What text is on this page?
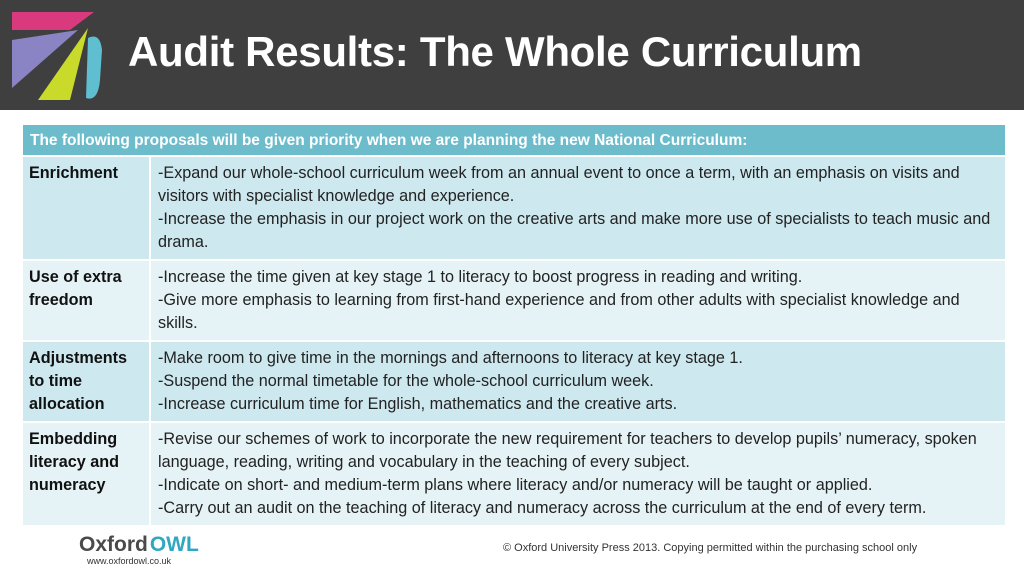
Audit Results: The Whole Curriculum
The following proposals will be given priority when we are planning the new National Curriculum:	
Enrichment	-Expand our whole-school curriculum week from an annual event to once a term, with an emphasis on visits and visitors with specialist knowledge and experience.
-Increase the emphasis in our project work on the creative arts and make more use of specialists to teach music and drama.

Use of extra freedom	-Increase the time given at key stage 1 to literacy to boost progress in reading and writing.
-Give more emphasis to learning from first-hand experience and from other adults with specialist knowledge and skills.

Adjustments to time allocation	-Make room to give time in the mornings and afternoons to literacy at key stage 1.
-Suspend the normal timetable for the whole-school curriculum week.
-Increase curriculum time for English, mathematics and the creative arts.

Embedding literacy and numeracy	-Revise our schemes of work to incorporate the new requirement for teachers to develop pupils’ numeracy, spoken language, reading, writing and vocabulary in the teaching of every subject.
-Indicate on short- and medium-term plans where literacy and/or numeracy will be taught or applied.
-Carry out an audit on the teaching of literacy and numeracy across the curriculum at the end of every term.
OxfordOWL
www.oxfordowl.co.uk
© Oxford University Press 2013. Copying permitted within the purchasing school only
